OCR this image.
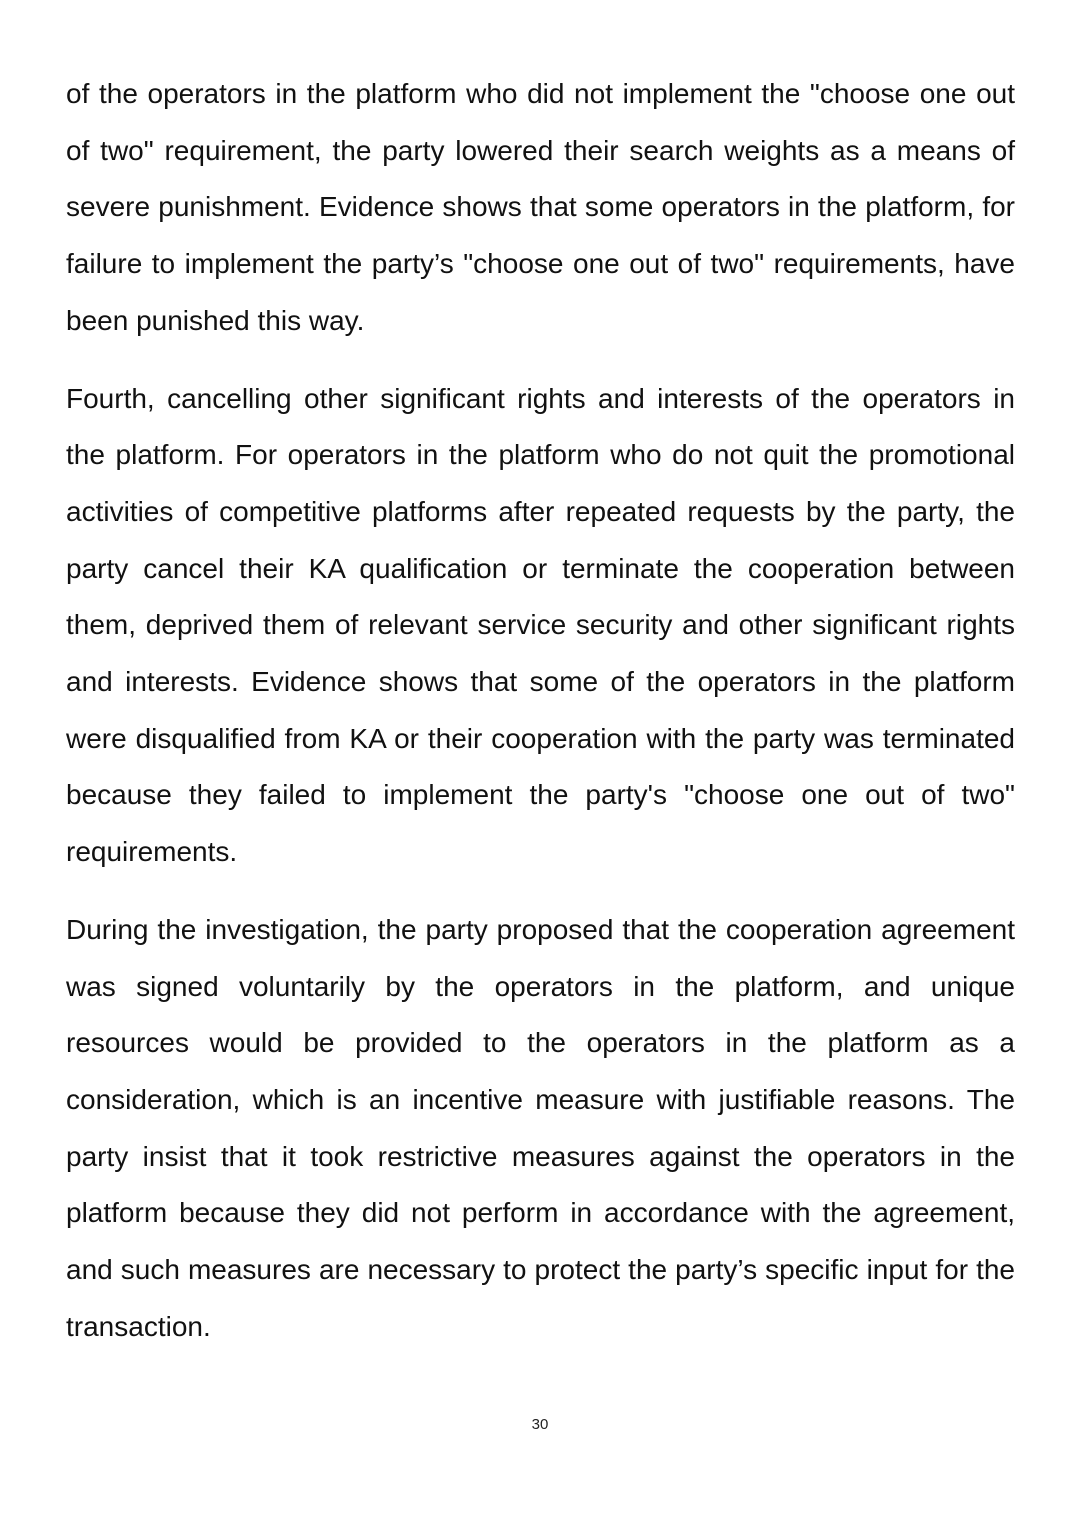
of the operators in the platform who did not implement the "choose one out of two" requirement, the party lowered their search weights as a means of severe punishment. Evidence shows that some operators in the platform, for failure to implement the party’s "choose one out of two" requirements, have been punished this way.

Fourth, cancelling other significant rights and interests of the operators in the platform. For operators in the platform who do not quit the promotional activities of competitive platforms after repeated requests by the party, the party cancel their KA qualification or terminate the cooperation between them, deprived them of relevant service security and other significant rights and interests. Evidence shows that some of the operators in the platform were disqualified from KA or their cooperation with the party was terminated because they failed to implement the party's "choose one out of two" requirements.

During the investigation, the party proposed that the cooperation agreement was signed voluntarily by the operators in the platform, and unique resources would be provided to the operators in the platform as a consideration, which is an incentive measure with justifiable reasons. The party insist that it took restrictive measures against the operators in the platform because they did not perform in accordance with the agreement, and such measures are necessary to protect the party’s specific input for the transaction.

30
